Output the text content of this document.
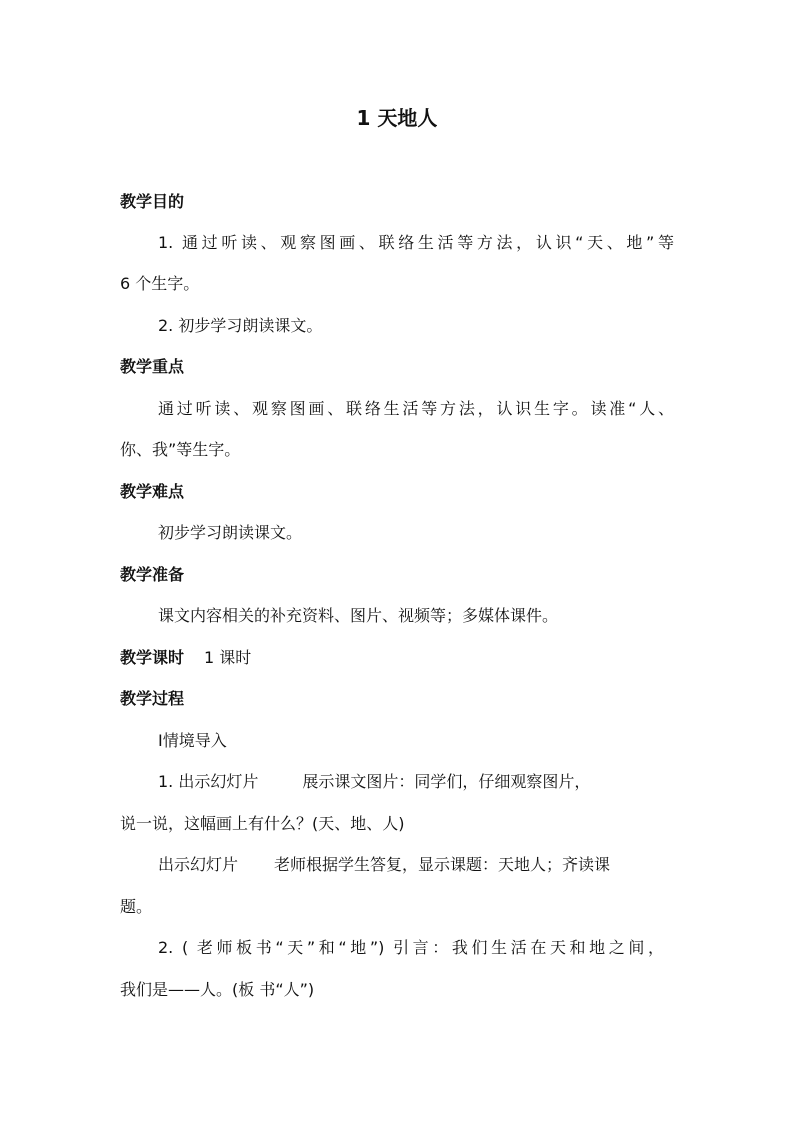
1 天地人
教学目的
1. 通过听读、观察图画、联络生活等方法，认识“天、地”等
6 个生字。
2. 初步学习朗读课文。
教学重点
通过听读、观察图画、联络生活等方法，认识生字。读准“人、
你、我”等生字。
教学难点
初步学习朗读课文。
教学准备
课文内容相关的补充资料、图片、视频等；多媒体课件。
教学课时 1 课时
教学过程
Ⅰ情境导入
1. 出示幻灯片	展示课文图片：同学们，仔细观察图片，
说一说，这幅画上有什么？(天、地、人)
出示幻灯片 老师根据学生答复，显示课题：天地人；齐读课
题。
2. ( 老师板书“天”和“地”) 引言：我们生活在天和地之间，
我们是——人。(板 书“人”)
